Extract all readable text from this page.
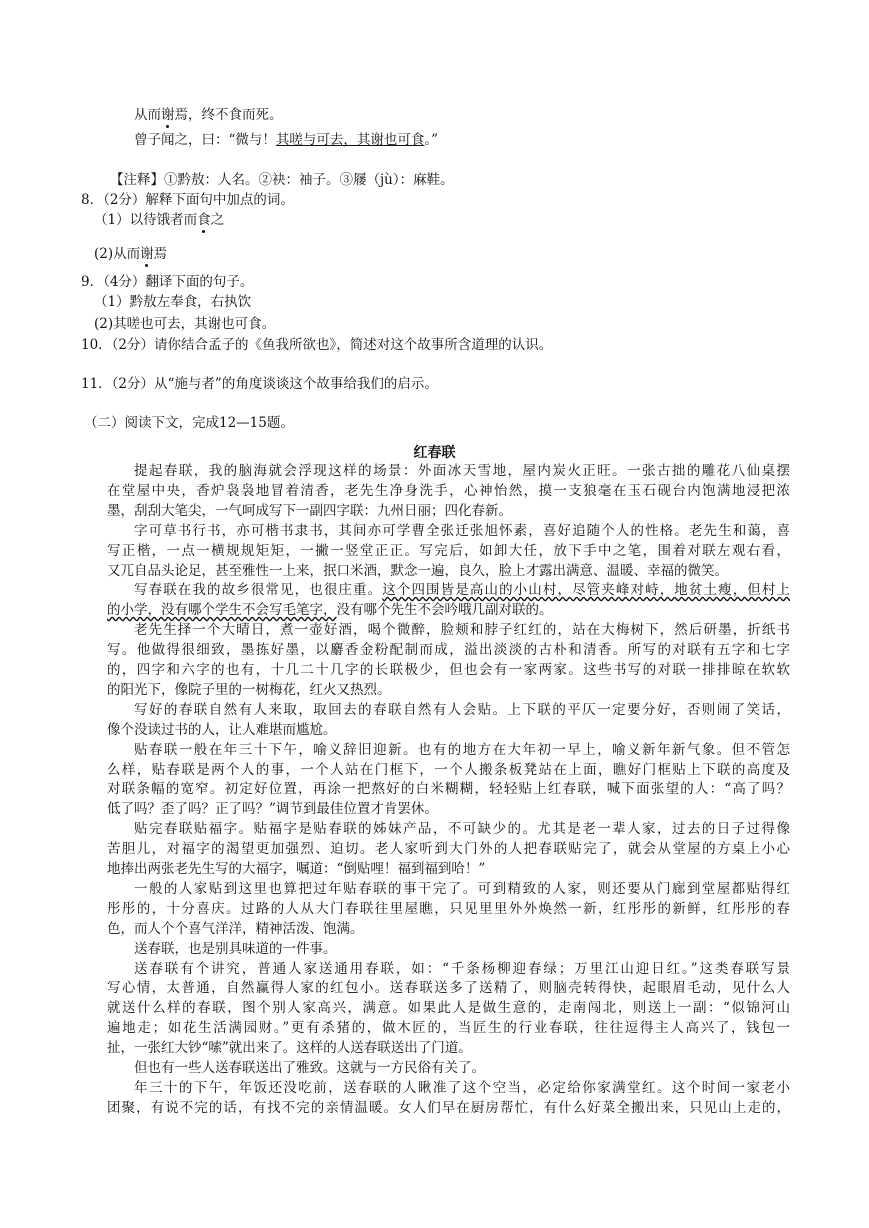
从而谢焉，终不食而死。
曾子闻之，曰：“微与！其嗟与可去，其谢也可食。”
【注释】①黔敖：人名。②袂：袖子。③屦（jù）：麻鞋。
8．（2分）解释下面句中加点的词。
（1）以待饿者而食之
(2)从而谢焉
9．（4分）翻译下面的句子。
（1）黔敖左奉食，右执饮
(2)其嗟也可去，其谢也可食。
10．（2分）请你结合孟子的《鱼我所欲也》，简述对这个故事所含道理的认识。
11．（2分）从“施与者”的角度谈谈这个故事给我们的启示。
（二）阅读下文，完成12—15题。
红春联
提起春联，我的脑海就会浮现这样的场景：外面冰天雪地，屋内炭火正旺。一张古拙的雕花八仙桌摆
在堂屋中央，香炉袅袅地冒着清香，老先生净身洗手，心神怡然，摸一支狼毫在玉石砚台内饱满地浸把浓
墨，刮刮大笔尖，一气呵成写下一副四字联：九州日丽；四化春新。
字可草书行书，亦可楷书隶书，其间亦可学曹全张迁张旭怀素，喜好追随个人的性格。老先生和蔼，喜
写正楷，一点一横规规矩矩，一撇一竖堂正正。写完后，如卸大任，放下手中之笔，围着对联左观右看，
又兀自品头论足，甚至雅性一上来，抿口米酒，默念一遍，良久，脸上才露出满意、温暖、幸福的微笑。
写春联在我的故乡很常见，也很庄重。这个四围皆是高山的小山村，尽管夹峰对峙，地贫土瘦，但村上
的小学，没有哪个学生不会写毛笔字，没有哪个先生不会吟哦几副对联的。
老先生择一个大晴日，煮一壶好酒，喝个微醉，脸颊和脖子红红的，站在大梅树下，然后研墨，折纸书
写。他做得很细致，墨拣好墨，以麝香金粉配制而成，溢出淡淡的古朴和清香。所写的对联有五字和七字
的，四字和六字的也有，十几二十几字的长联极少，但也会有一家两家。这些书写的对联一排排晾在软软
的阳光下，像院子里的一树梅花，红火又热烈。
写好的春联自然有人来取，取回去的春联自然有人会贴。上下联的平仄一定要分好，否则闹了笑话，
像个没读过书的人，让人难堪而尴尬。
贴春联一般在年三十下午，喻义辞旧迎新。也有的地方在大年初一早上，喻义新年新气象。但不管怎
么样，贴春联是两个人的事，一个人站在门框下，一个人搬条板凳站在上面，瞧好门框贴上下联的高度及
对联条幅的宽窄。初定好位置，再涂一把熬好的白米糊糊，轻轻贴上红春联，喊下面张望的人：“高了吗？
低了吗？歪了吗？正了吗？”调节到最佳位置才肯罢休。
贴完春联贴福字。贴福字是贴春联的姊妹产品，不可缺少的。尤其是老一辈人家，过去的日子过得像
苦胆儿，对福字的渴望更加强烈、迫切。老人家听到大门外的人把春联贴完了，就会从堂屋的方桌上小心
地捧出两张老先生写的大福字，嘱道：“倒贴哩！福到福到哈！”
一般的人家贴到这里也算把过年贴春联的事干完了。可到精致的人家，则还要从门廊到堂屋都贴得红
彤彤的，十分喜庆。过路的人从大门春联往里屋瞧，只见里里外外焕然一新，红彤彤的新鲜，红彤彤的春
色，而人个个喜气洋洋，精神活泼、饱满。
送春联，也是别具味道的一件事。
送春联有个讲究，普通人家送通用春联，如：“千条杨柳迎春绿；万里江山迎日红。”这类春联写景
写心情，太普通，自然赢得人家的红包小。送春联送多了送精了，则脑壳转得快，起眼眉毛动，见什么人
就送什么样的春联，图个别人家高兴，满意。如果此人是做生意的，走南闯北，则送上一副：“似锦河山
遍地走；如花生活满园财。”更有杀猪的，做木匠的，当匠生的行业春联，往往逗得主人高兴了，钱包一
扯，一张红大钞“嗦”就出来了。这样的人送春联送出了门道。
但也有一些人送春联送出了雅致。这就与一方民俗有关了。
年三十的下午，年饭还没吃前，送春联的人瞅准了这个空当，必定给你家满堂红。这个时间一家老小
团聚，有说不完的话，有找不完的亲情温暖。女人们早在厨房帮忙，有什么好菜全搬出来，只见山上走的，
